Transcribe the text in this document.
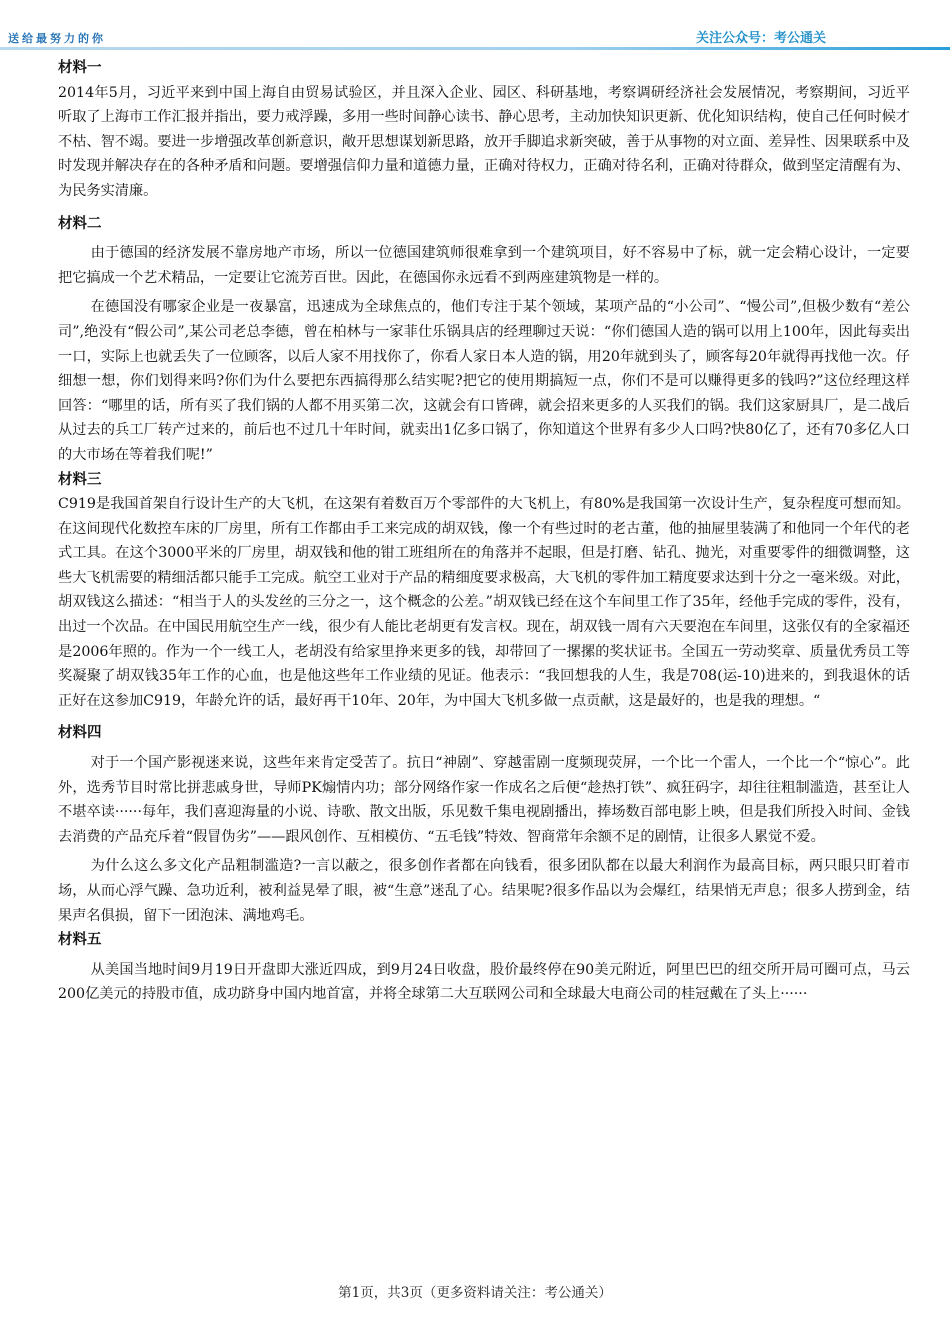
送给最努力的你	关注公众号：考公通关

材料一

2014年5月，习近平来到中国上海自由贸易试验区，并且深入企业、园区、科研基地，考察调研经济社会发展情况，考察期间，习近平听取了上海市工作汇报并指出，要力戒浮躁，多用一些时间静心读书、静心思考，主动加快知识更新、优化知识结构，使自己任何时候才不枯、智不竭。要进一步增强改革创新意识，敞开思想谋划新思路，放开手脚追求新突破，善于从事物的对立面、差异性、因果联系中及时发现并解决存在的各种矛盾和问题。要增强信仰力量和道德力量，正确对待权力，正确对待名利，正确对待群众，做到坚定清醒有为、为民务实清廉。

材料二

由于德国的经济发展不靠房地产市场，所以一位德国建筑师很难拿到一个建筑项目，好不容易中了标，就一定会精心设计，一定要把它搞成一个艺术精品，一定要让它流芳百世。因此，在德国你永远看不到两座建筑物是一样的。

在德国没有哪家企业是一夜暴富，迅速成为全球焦点的，他们专注于某个领域，某项产品的“小公司”、“慢公司”,但极少数有“差公司”,绝没有“假公司”,某公司老总李德，曾在柏林与一家菲仕乐锅具店的经理聊过天说：“你们德国人造的锅可以用上100年，因此每卖出一口，实际上也就丢失了一位顾客，以后人家不用找你了，你看人家日本人造的锅，用20年就到头了，顾客每20年就得再找他一次。仔细想一想，你们划得来吗?你们为什么要把东西搞得那么结实呢?把它的使用期搞短一点，你们不是可以赚得更多的钱吗?”这位经理这样回答：“哪里的话，所有买了我们锅的人都不用买第二次，这就会有口皆碑，就会招来更多的人买我们的锅。我们这家厨具厂，是二战后从过去的兵工厂转产过来的，前后也不过几十年时间，就卖出1亿多口锅了，你知道这个世界有多少人口吗?快80亿了，还有70多亿人口的大市场在等着我们呢!”

材料三

C919是我国首架自行设计生产的大飞机，在这架有着数百万个零部件的大飞机上，有80%是我国第一次设计生产，复杂程度可想而知。在这间现代化数控车床的厂房里，所有工作都由手工来完成的胡双钱，像一个有些过时的老古董，他的抽屉里装满了和他同一个年代的老式工具。在这个3000平米的厂房里，胡双钱和他的钳工班组所在的角落并不起眼，但是打磨、钻孔、抛光，对重要零件的细微调整，这些大飞机需要的精细活都只能手工完成。航空工业对于产品的精细度要求极高，大飞机的零件加工精度要求达到十分之一毫米级。对此，胡双钱这么描述：“相当于人的头发丝的三分之一，这个概念的公差。”胡双钱已经在这个车间里工作了35年，经他手完成的零件，没有，出过一个次品。在中国民用航空生产一线，很少有人能比老胡更有发言权。现在，胡双钱一周有六天要泡在车间里，这张仅有的全家福还是2006年照的。作为一个一线工人，老胡没有给家里挣来更多的钱，却带回了一摞摞的奖状证书。全国五一劳动奖章、质量优秀员工等奖凝聚了胡双钱35年工作的心血，也是他这些年工作业绩的见证。他表示：“我回想我的人生，我是708(运-10)进来的，到我退休的话正好在这参加C919，年龄允许的话，最好再干10年、20年，为中国大飞机多做一点贡献，这是最好的，也是我的理想。“

材料四

对于一个国产影视迷来说，这些年来肯定受苦了。抗日“神剧”、穿越雷剧一度频现荧屏，一个比一个雷人，一个比一个“惊心”。此外，选秀节目时常比拼悲戚身世，导师PK煽情内功；部分网络作家一作成名之后便“趁热打铁”、疯狂码字，却往往粗制滥造，甚至让人不堪卒读······每年，我们喜迎海量的小说、诗歌、散文出版，乐见数千集电视剧播出，捧场数百部电影上映，但是我们所投入时间、金钱去消费的产品充斥着“假冒伪劣”——跟风创作、互相模仿、“五毛钱”特效、智商常年余额不足的剧情，让很多人累觉不爱。

为什么这么多文化产品粗制滥造?一言以蔽之，很多创作者都在向钱看，很多团队都在以最大利润作为最高目标，两只眼只盯着市场，从而心浮气躁、急功近利，被利益晃晕了眼，被“生意”迷乱了心。结果呢?很多作品以为会爆红，结果悄无声息；很多人捞到金，结果声名俱损，留下一团泡沫、满地鸡毛。

材料五

从美国当地时间9月19日开盘即大涨近四成，到9月24日收盘，股价最终停在90美元附近，阿里巴巴的纽交所开局可圈可点，马云200亿美元的持股市值，成功跻身中国内地首富，并将全球第二大互联网公司和全球最大电商公司的桂冠戴在了头上······

第1页，共3页（更多资料请关注：考公通关）
